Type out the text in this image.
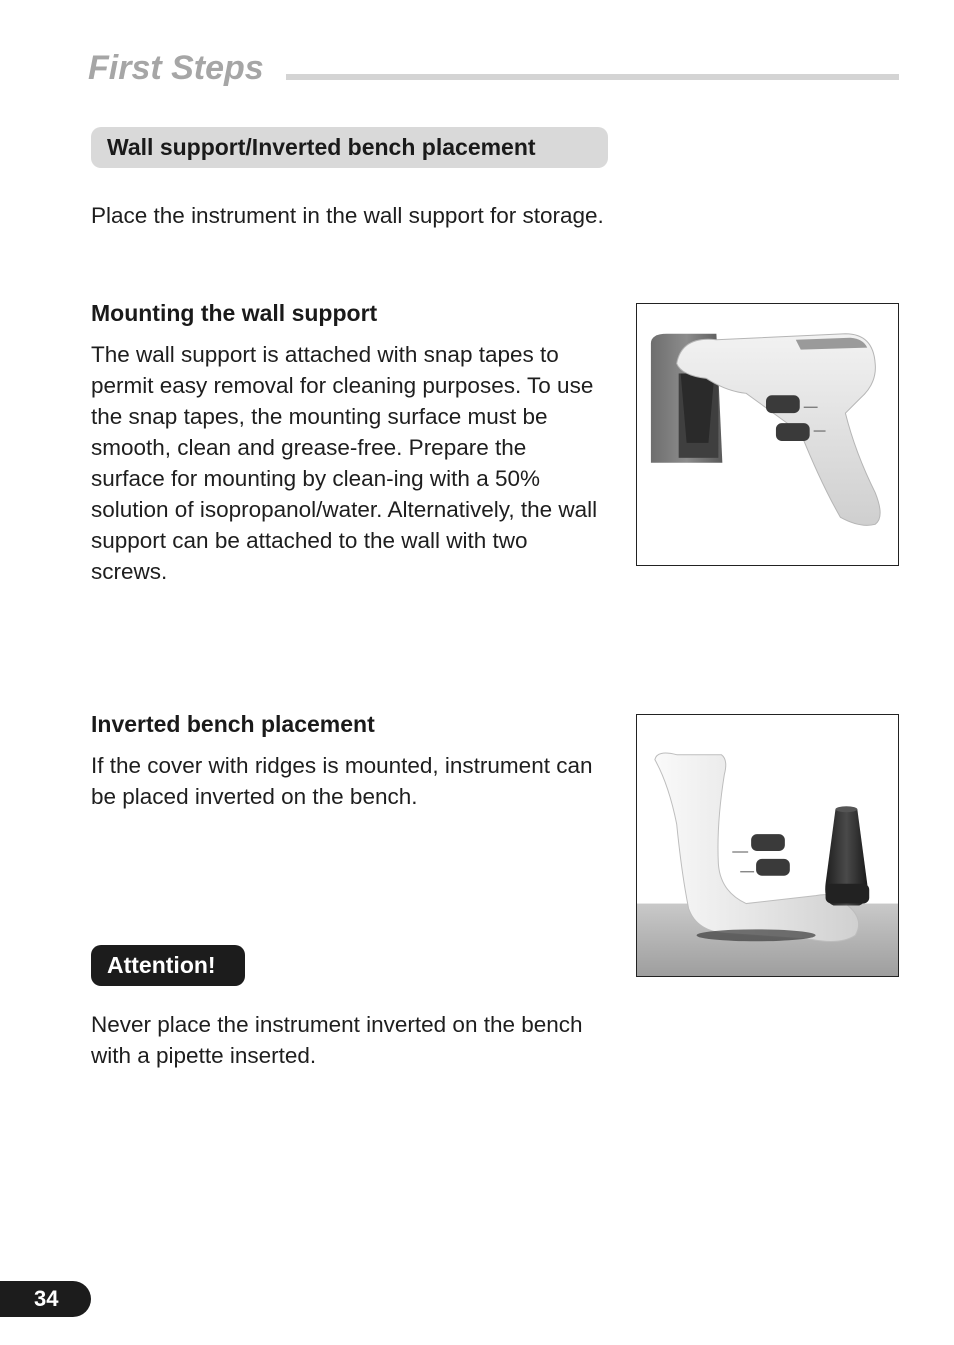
First Steps
Wall support/Inverted bench placement

Place the instrument in the wall support for storage.

Mounting the wall support

The wall support is attached with snap tapes to permit easy removal for cleaning purposes. To use the snap tapes, the mounting surface must be smooth, clean and grease-free. Prepare the surface for mounting by clean-ing with a 50% solution of isopropanol/water. Alternatively, the wall support can be attached to the wall with two screws.

Inverted bench placement

If the cover with ridges is mounted, instrument can be placed inverted on the bench.

Attention!

Never place the instrument inverted on the bench with a pipette inserted.

34
